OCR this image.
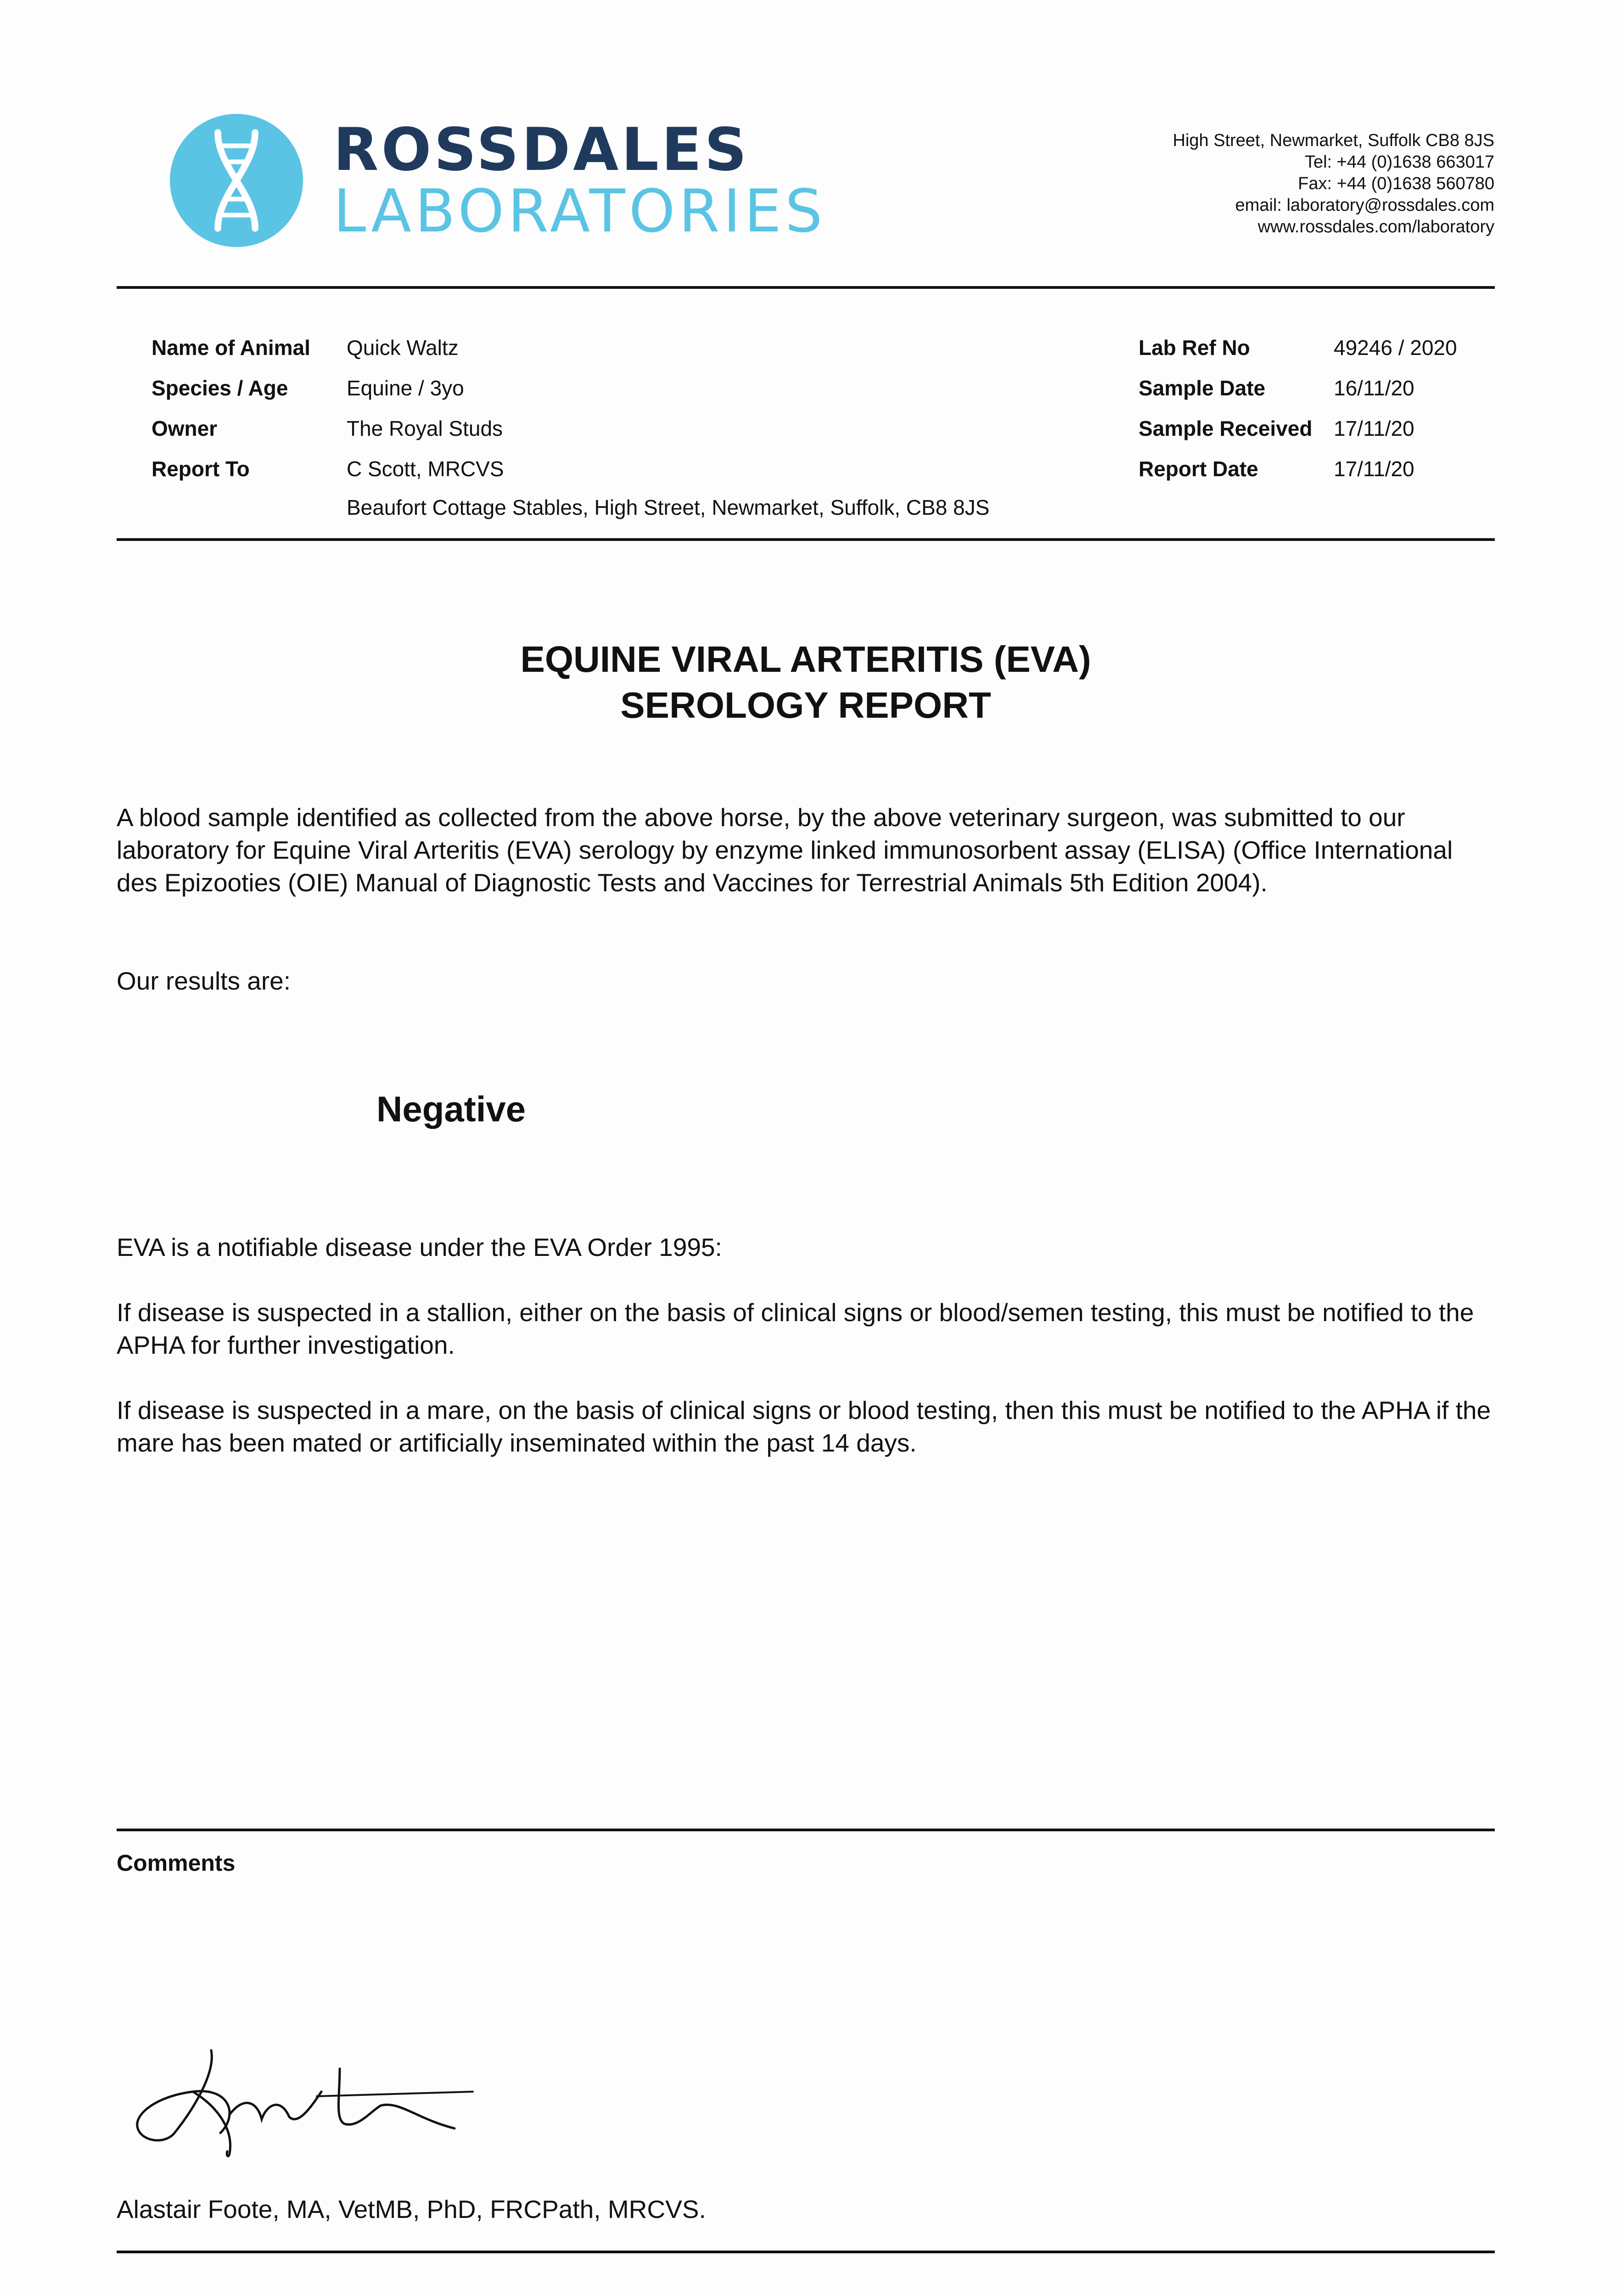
ROSSDALES
LABORATORIES
High Street, Newmarket, Suffolk CB8 8JS
Tel: +44 (0)1638 663017
Fax: +44 (0)1638 560780
email: laboratory@rossdales.com
www.rossdales.com/laboratory
Name of Animal Quick Waltz
Species / Age	Equine / 3yo
Owner	The Royal Studs
Report To	C Scott, MRCVS
Beaufort Cottage Stables, High Street, Newmarket, Suffolk, CB8 8JS
Lab Ref No	49246 / 2020
Sample Date	16/11/20
Sample Received 17/11/20
Report Date	17/11/20
EQUINE VIRAL ARTERITIS (EVA)
SEROLOGY REPORT
A blood sample identified as collected from the above horse, by the above veterinary surgeon, was submitted to our laboratory for Equine Viral Arteritis (EVA) serology by enzyme linked immunosorbent assay (ELISA) (Office International des Epizooties (OIE) Manual of Diagnostic Tests and Vaccines for Terrestrial Animals 5th Edition 2004).
Our results are:
Negative
EVA is a notifiable disease under the EVA Order 1995:
If disease is suspected in a stallion, either on the basis of clinical signs or blood/semen testing, this must be notified to the APHA for further investigation.
If disease is suspected in a mare, on the basis of clinical signs or blood testing, then this must be notified to the APHA if the mare has been mated or artificially inseminated within the past 14 days.
Comments
Alastair Foote, MA, VetMB, PhD, FRCPath, MRCVS.
